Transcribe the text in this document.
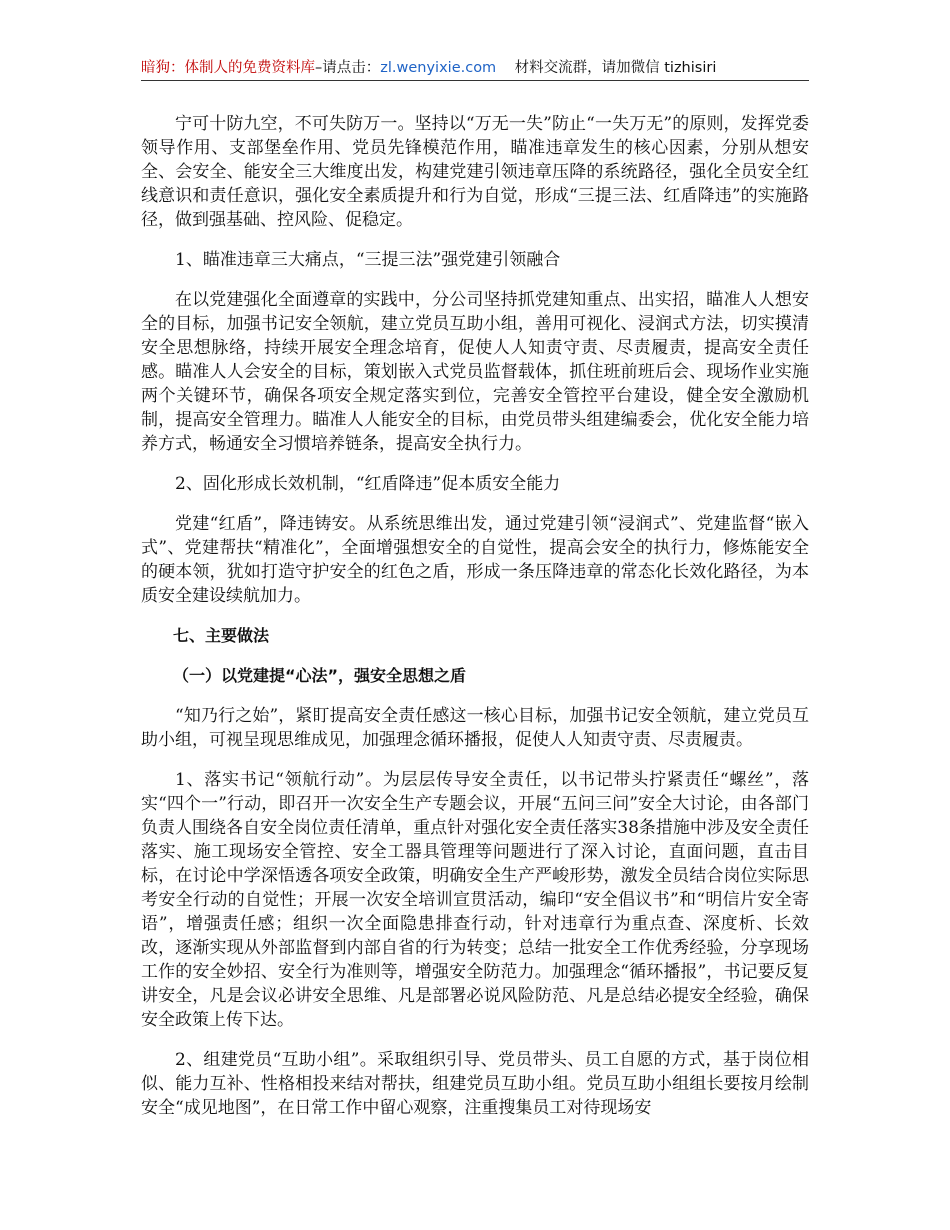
暗狗：体制人的免费资料库–请点击：zl.wenyixie.com 材料交流群，请加微信 tizhisiri

宁可十防九空，不可失防万一。坚持以“万无一失”防止“一失万无”的原则，发挥党委领导作用、支部堡垒作用、党员先锋模范作用，瞄准违章发生的核心因素，分别从想安全、会安全、能安全三大维度出发，构建党建引领违章压降的系统路径，强化全员安全红线意识和责任意识，强化安全素质提升和行为自觉，形成“三提三法、红盾降违”的实施路径，做到强基础、控风险、促稳定。

1、瞄准违章三大痛点，“三提三法”强党建引领融合

在以党建强化全面遵章的实践中，分公司坚持抓党建知重点、出实招，瞄准人人想安全的目标，加强书记安全领航，建立党员互助小组，善用可视化、浸润式方法，切实摸清安全思想脉络，持续开展安全理念培育，促使人人知责守责、尽责履责，提高安全责任感。瞄准人人会安全的目标，策划嵌入式党员监督载体，抓住班前班后会、现场作业实施两个关键环节，确保各项安全规定落实到位，完善安全管控平台建设，健全安全激励机制，提高安全管理力。瞄准人人能安全的目标，由党员带头组建编委会，优化安全能力培养方式，畅通安全习惯培养链条，提高安全执行力。

2、固化形成长效机制，“红盾降违”促本质安全能力

党建“红盾”，降违铸安。从系统思维出发，通过党建引领“浸润式”、党建监督“嵌入式”、党建帮扶“精准化”，全面增强想安全的自觉性，提高会安全的执行力，修炼能安全的硬本领，犹如打造守护安全的红色之盾，形成一条压降违章的常态化长效化路径，为本质安全建设续航加力。

七、主要做法

（一）以党建提“心法”，强安全思想之盾

“知乃行之始”，紧盯提高安全责任感这一核心目标，加强书记安全领航，建立党员互助小组，可视呈现思维成见，加强理念循环播报，促使人人知责守责、尽责履责。

1、落实书记“领航行动”。为层层传导安全责任，以书记带头拧紧责任“螺丝”，落实“四个一”行动，即召开一次安全生产专题会议，开展“五问三问”安全大讨论，由各部门负责人围绕各自安全岗位责任清单，重点针对强化安全责任落实38条措施中涉及安全责任落实、施工现场安全管控、安全工器具管理等问题进行了深入讨论，直面问题，直击目标，在讨论中学深悟透各项安全政策，明确安全生产严峻形势，激发全员结合岗位实际思考安全行动的自觉性；开展一次安全培训宣贯活动，编印“安全倡议书”和“明信片安全寄语”，增强责任感；组织一次全面隐患排查行动，针对违章行为重点查、深度析、长效改，逐渐实现从外部监督到内部自省的行为转变；总结一批安全工作优秀经验，分享现场工作的安全妙招、安全行为准则等，增强安全防范力。加强理念“循环播报”，书记要反复讲安全，凡是会议必讲安全思维、凡是部署必说风险防范、凡是总结必提安全经验，确保安全政策上传下达。

2、组建党员“互助小组”。采取组织引导、党员带头、员工自愿的方式，基于岗位相似、能力互补、性格相投来结对帮扶，组建党员互助小组。党员互助小组组长要按月绘制安全“成见地图”，在日常工作中留心观察，注重搜集员工对待现场安
